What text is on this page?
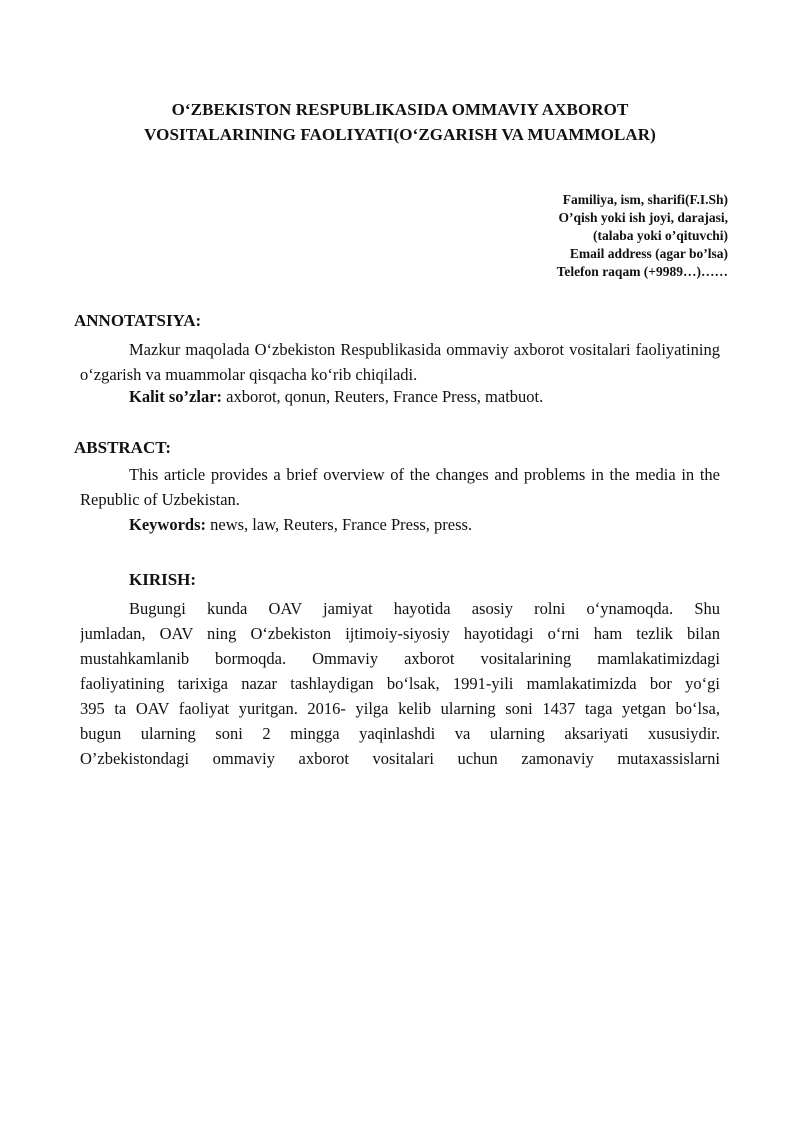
O‘ZBEKISTON RESPUBLIKASIDA OMMAVIY AXBOROT
VOSITALARINING FAOLIYATI(O‘ZGARISH VA MUAMMOLAR)
Familiya, ism, sharifi(F.I.Sh)
O’qish yoki ish joyi, darajasi,
(talaba yoki o’qituvchi)
Email address (agar bo’lsa)
Telefon raqam (+9989…)……
ANNOTATSIYA:
Mazkur maqolada O‘zbekiston Respublikasida ommaviy axborot vositalari faoliyatining o‘zgarish va muammolar qisqacha ko‘rib chiqiladi.
Kalit so’zlar: axborot, qonun, Reuters, France Press, matbuot.
ABSTRACT:
This article provides a brief overview of the changes and problems in the media in the Republic of Uzbekistan.
Keywords: news, law, Reuters, France Press, press.
KIRISH:
Bugungi kunda OAV jamiyat hayotida asosiy rolni o‘ynamoqda. Shu
jumladan, OAV ning O‘zbekiston ijtimoiy-siyosiy hayotidagi o‘rni ham tezlik bilan
mustahkamlanib bormoqda. Ommaviy axborot vositalarining mamlakatimizdagi
faoliyatining tarixiga nazar tashlaydigan bo‘lsak, 1991-yili mamlakatimizda bor yo‘gi
395 ta OAV faoliyat yuritgan. 2016- yilga kelib ularning soni 1437 taga yetgan bo‘lsa,
bugun ularning soni 2 mingga yaqinlashdi va ularning aksariyati xususiydir.
O’zbekistondagi ommaviy axborot vositalari uchun zamonaviy mutaxassislarni
